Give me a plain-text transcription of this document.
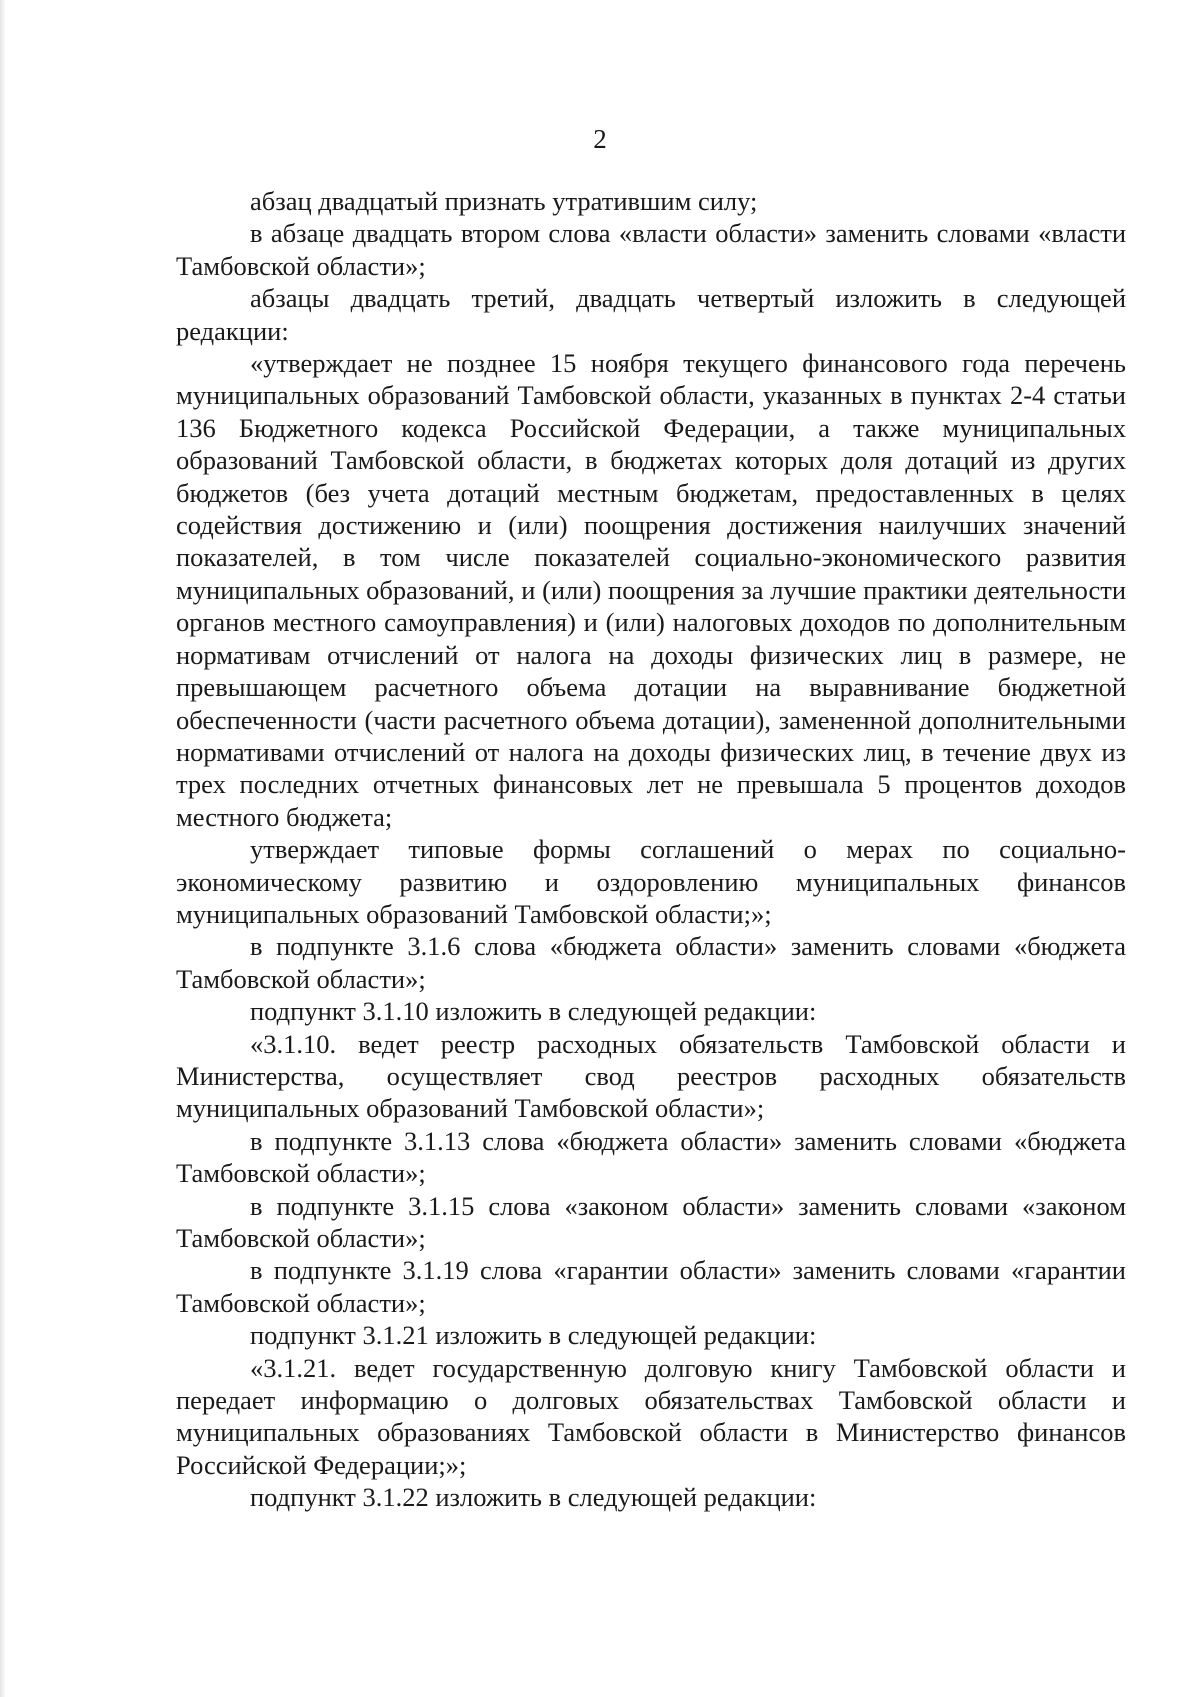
2

абзац двадцатый признать утратившим силу;

в абзаце двадцать втором слова «власти области» заменить словами «власти Тамбовской области»;

абзацы двадцать третий, двадцать четвертый изложить в следующей редакции:

«утверждает не позднее 15 ноября текущего финансового года перечень муниципальных образований Тамбовской области, указанных в пунктах 2-4 статьи 136 Бюджетного кодекса Российской Федерации, а также муниципальных образований Тамбовской области, в бюджетах которых доля дотаций из других бюджетов (без учета дотаций местным бюджетам, предоставленных в целях содействия достижению и (или) поощрения достижения наилучших значений показателей, в том числе показателей социально-экономического развития муниципальных образований, и (или) поощрения за лучшие практики деятельности органов местного самоуправления) и (или) налоговых доходов по дополнительным нормативам отчислений от налога на доходы физических лиц в размере, не превышающем расчетного объема дотации на выравнивание бюджетной обеспеченности (части расчетного объема дотации), замененной дополнительными нормативами отчислений от налога на доходы физических лиц, в течение двух из трех последних отчетных финансовых лет не превышала 5 процентов доходов местного бюджета;

утверждает типовые формы соглашений о мерах по социально-экономическому развитию и оздоровлению муниципальных финансов муниципальных образований Тамбовской области;»;

в подпункте 3.1.6 слова «бюджета области» заменить словами «бюджета Тамбовской области»;

подпункт 3.1.10 изложить в следующей редакции:

«3.1.10. ведет реестр расходных обязательств Тамбовской области и Министерства, осуществляет свод реестров расходных обязательств муниципальных образований Тамбовской области»;

в подпункте 3.1.13 слова «бюджета области» заменить словами «бюджета Тамбовской области»;

в подпункте 3.1.15 слова «законом области» заменить словами «законом Тамбовской области»;

в подпункте 3.1.19 слова «гарантии области» заменить словами «гарантии Тамбовской области»;

подпункт 3.1.21 изложить в следующей редакции:

«3.1.21. ведет государственную долговую книгу Тамбовской области и передает информацию о долговых обязательствах Тамбовской области и муниципальных образованиях Тамбовской области в Министерство финансов Российской Федерации;»;

подпункт 3.1.22 изложить в следующей редакции:
